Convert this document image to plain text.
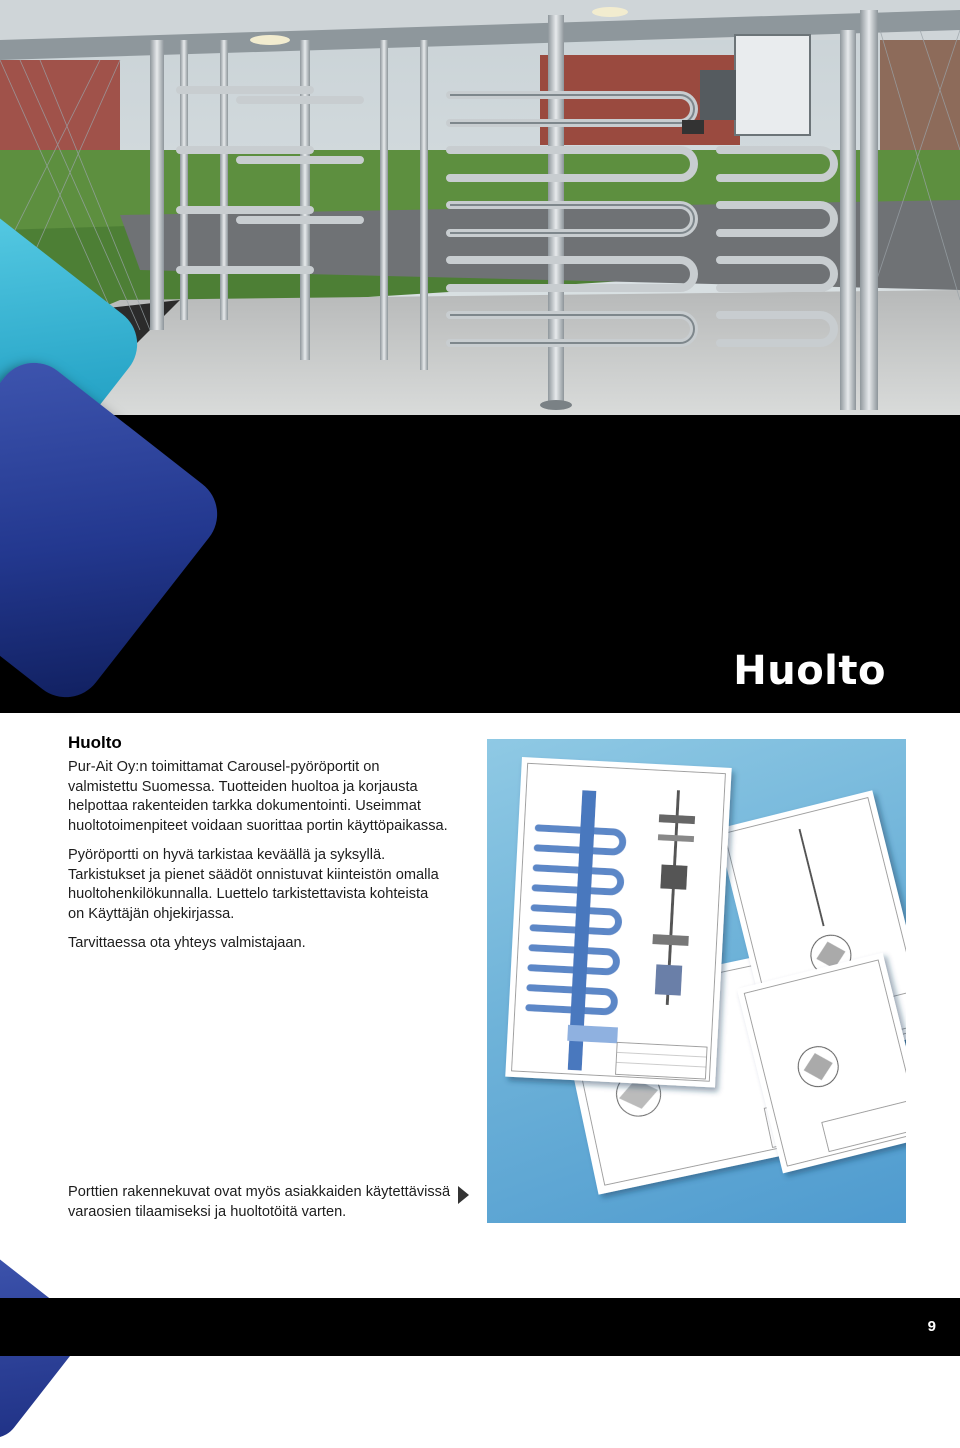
Huolto
Huolto

Pur-Ait Oy:n toimittamat Carousel-pyöröportit on valmistettu Suomessa. Tuotteiden huoltoa ja korjausta helpottaa rakenteiden tarkka dokumentointi. Useimmat huoltotoimenpiteet voidaan suorittaa portin käyttöpaikassa.

Pyöröportti on hyvä tarkistaa keväällä ja syksyllä. Tarkistukset ja pienet säädöt onnistuvat kiinteistön omalla huoltohenkilökunnalla. Luettelo tarkistettavista kohteista on Käyttäjän ohjekirjassa.

Tarvittaessa ota yhteys valmistajaan.

Porttien rakennekuvat ovat myös asiakkaiden käytettävissä varaosien tilaamiseksi ja huoltotöitä varten.
9
